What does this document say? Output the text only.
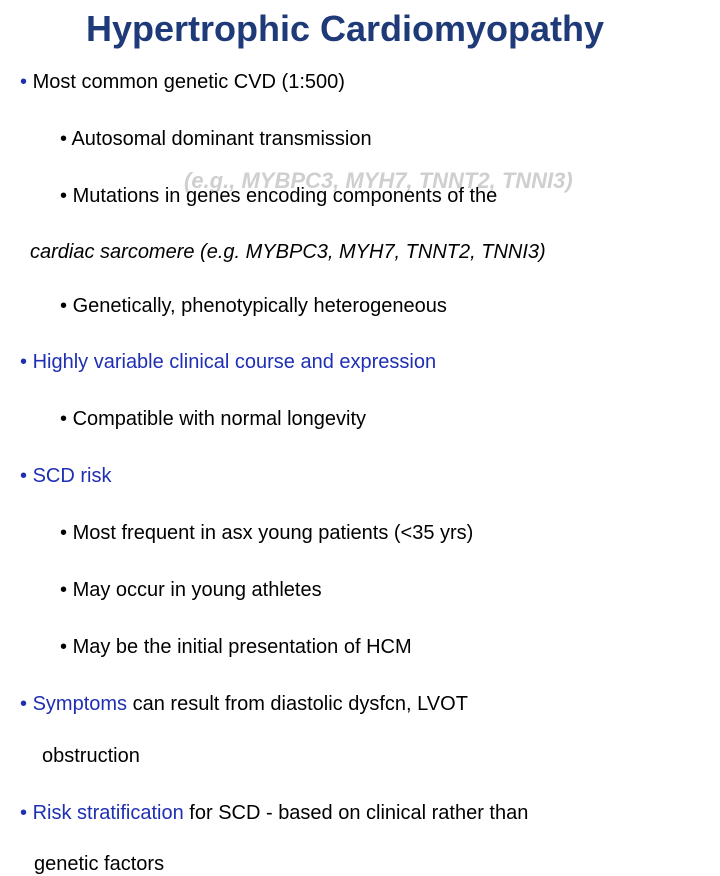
Hypertrophic Cardiomyopathy
(e.g., MYBPC3, MYH7, TNNT2, TNNI3)
• Most common genetic CVD (1:500)
• Autosomal dominant transmission
• Mutations in genes encoding components of the
cardiac sarcomere (e.g. MYBPC3, MYH7, TNNT2, TNNI3)
• Genetically, phenotypically heterogeneous
• Highly variable clinical course and expression
• Compatible with normal longevity
• SCD risk
• Most frequent in asx young patients (<35 yrs)
• May occur in young athletes
• May be the initial presentation of HCM
• Symptoms can result from diastolic dysfcn, LVOT
obstruction
• Risk stratification for SCD - based on clinical rather than
genetic factors
